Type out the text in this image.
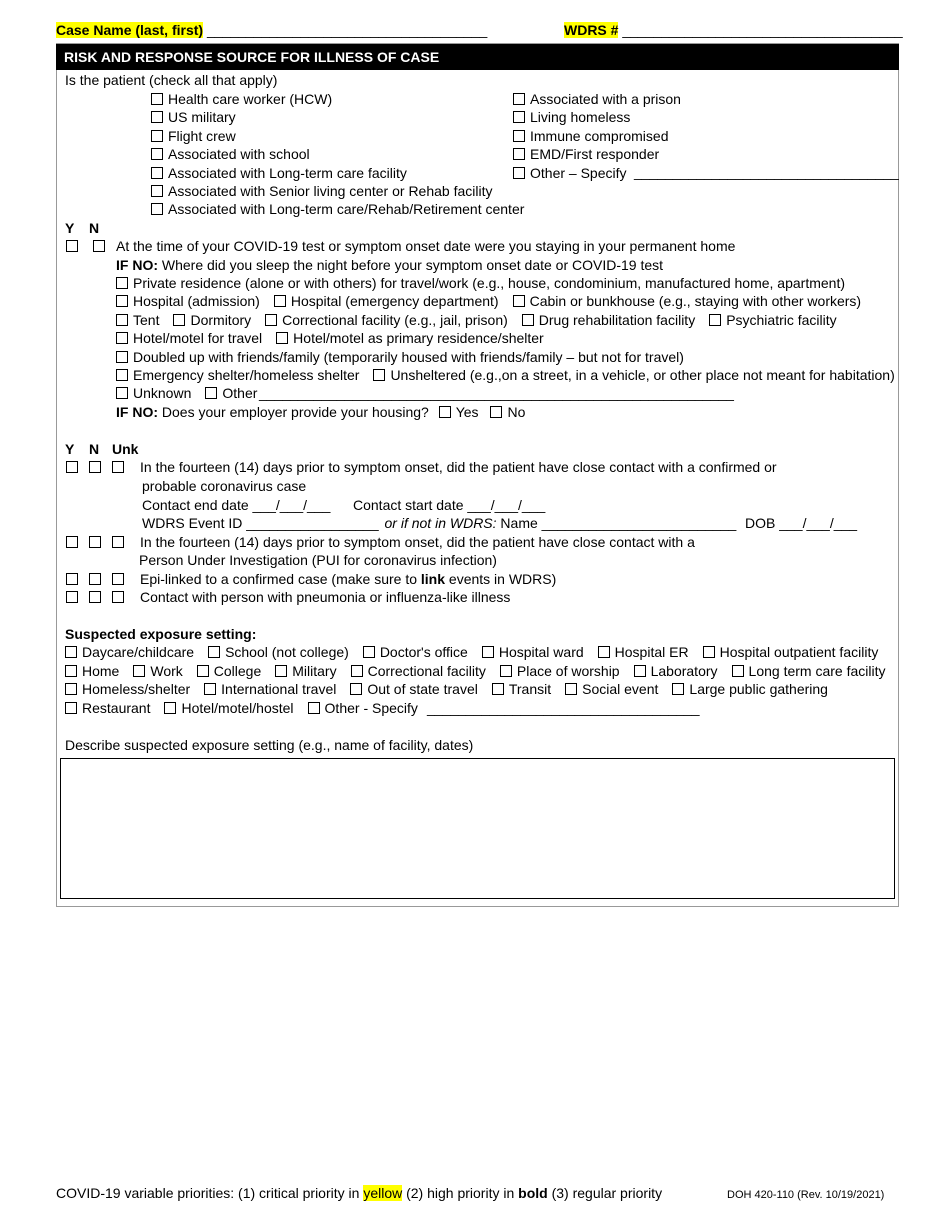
Case Name (last, first) ____________________________________	WDRS # ____________________________________
RISK AND RESPONSE SOURCE FOR ILLNESS OF CASE
Is the patient (check all that apply)
Health care worker (HCW)
US military
Flight crew
Associated with school
Associated with Long-term care facility
Associated with Senior living center or Rehab facility
Associated with Long-term care/Rehab/Retirement center
Associated with a prison
Living homeless
Immune compromised
EMD/First responder
Other – Specify __________________________________
Y N

At the time of your COVID-19 test or symptom onset date were you staying in your permanent home
IF NO: Where did you sleep the night before your symptom onset date or COVID-19 test
Private residence (alone or with others) for travel/work (e.g., house, condominium, manufactured home, apartment)
Hospital (admission) Hospital (emergency department) Cabin or bunkhouse (e.g., staying with other workers)
Tent Dormitory Correctional facility (e.g., jail, prison) Drug rehabilitation facility Psychiatric facility
Hotel/motel for travel Hotel/motel as primary residence/shelter
Doubled up with friends/family (temporarily housed with friends/family – but not for travel)
Emergency shelter/homeless shelter Unsheltered (e.g.,on a street, in a vehicle, or other place not meant for habitation)
Unknown Other _____________________________________________________________
IF NO: Does your employer provide your housing? Yes No
Y N Unk
In the fourteen (14) days prior to symptom onset, did the patient have close contact with a confirmed or
probable coronavirus case
Contact end date ___/___/___ Contact start date ___/___/___
WDRS Event ID _________________ or if not in WDRS: Name _________________________ DOB ___/___/___
In the fourteen (14) days prior to symptom onset, did the patient have close contact with a
Person Under Investigation (PUI for coronavirus infection)
Epi-linked to a confirmed case (make sure to link events in WDRS)
Contact with person with pneumonia or influenza-like illness
Suspected exposure setting:
Daycare/childcare School (not college) Doctor's office Hospital ward Hospital ER Hospital outpatient facility
Home Work College Military Correctional facility Place of worship Laboratory Long term care facility
Homeless/shelter International travel Out of state travel Transit Social event Large public gathering
Restaurant Hotel/motel/hostel Other - Specify ___________________________________
Describe suspected exposure setting (e.g., name of facility, dates)
COVID-19 variable priorities: (1) critical priority in yellow (2) high priority in bold (3) regular priority	DOH 420-110 (Rev. 10/19/2021)
